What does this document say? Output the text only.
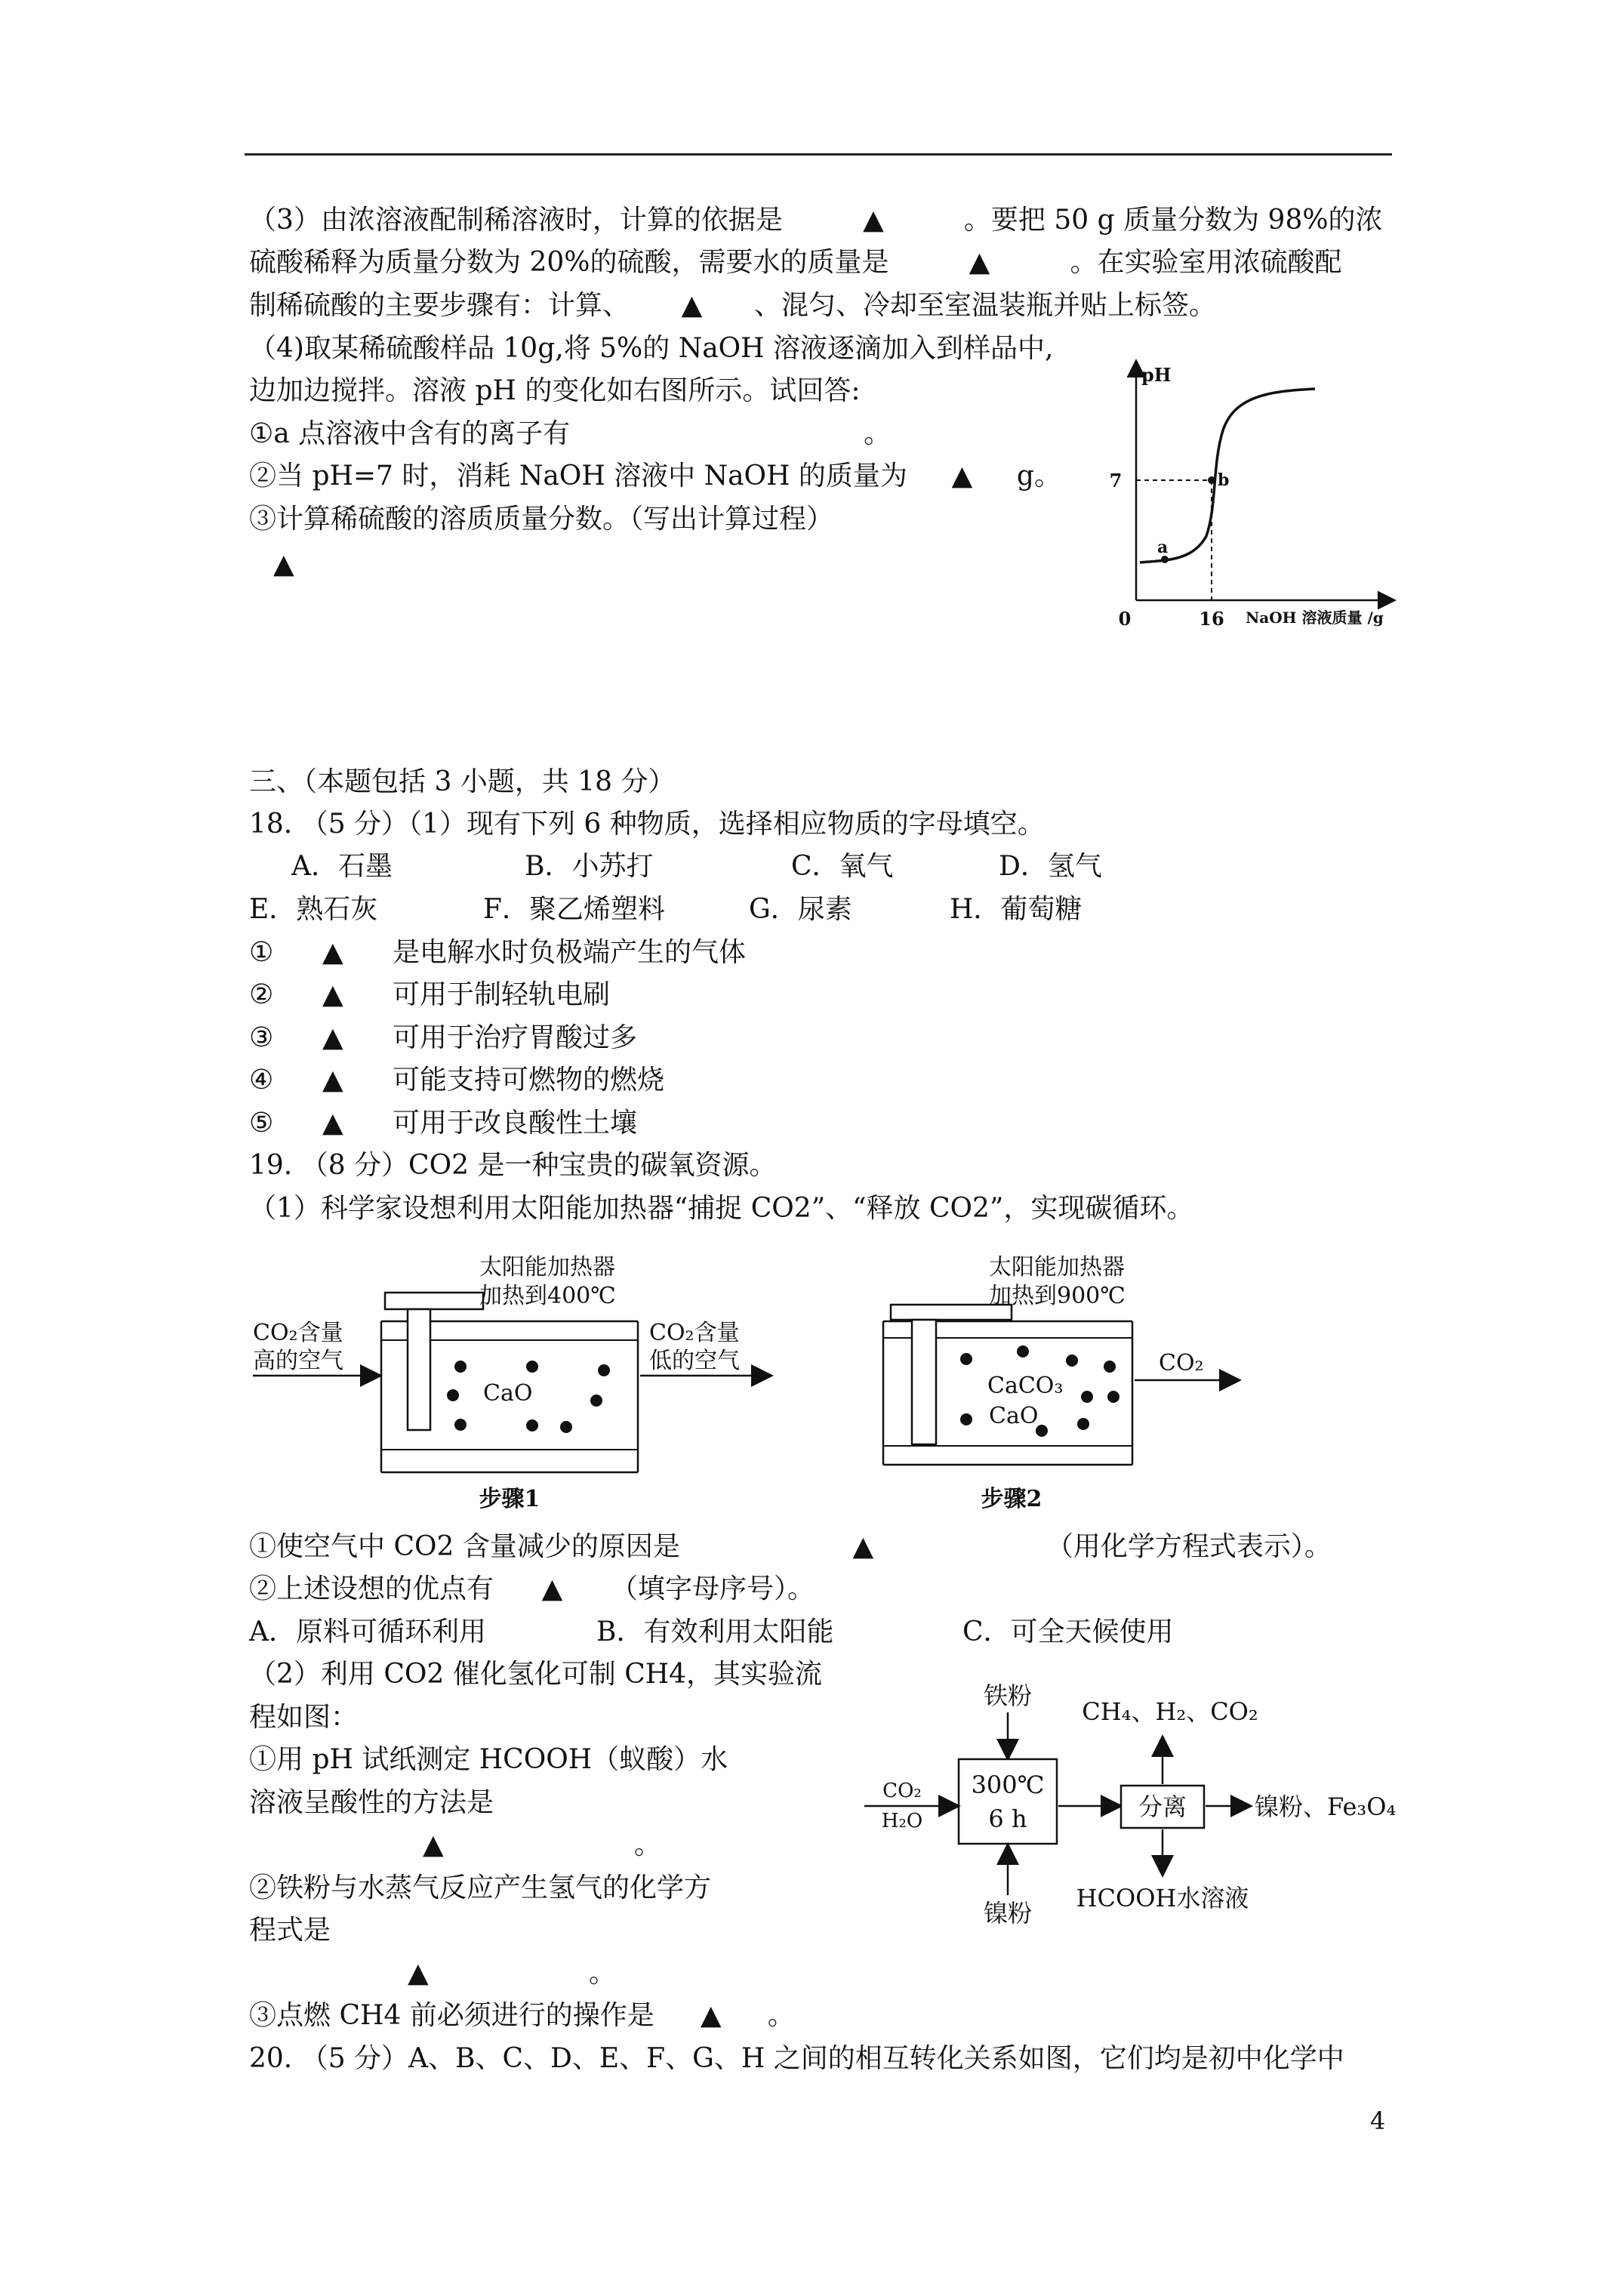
（3）由浓溶液配制稀溶液时，计算的依据是	▲	。要把 50 g 质量分数为 98%的浓
硫酸稀释为质量分数为 20%的硫酸，需要水的质量是	▲	。在实验室用浓硫酸配
制稀硫酸的主要步骤有：计算、 ▲ 、混匀、冷却至室温装瓶并贴上标签。
（4)取某稀硫酸样品 10g,将 5%的 NaOH 溶液逐滴加入到样品中,
边加边搅拌。溶液 pH 的变化如右图所示。试回答:
①a 点溶液中含有的离子有	。
②当 pH=7 时，消耗 NaOH 溶液中 NaOH 的质量为 ▲ g。
③计算稀硫酸的溶质质量分数。（写出计算过程）
▲
pH
0	16 NaOH 溶液质量 /g
7
a
b
三、（本题包括 3 小题，共 18 分）
18. （5 分）（1）现有下列 6 种物质，选择相应物质的字母填空。
A．石墨	B．小苏打	C．氧气	D．氢气
E．熟石灰	F．聚乙烯塑料	G．尿素	H．葡萄糖
① ▲ 是电解水时负极端产生的气体
② ▲ 可用于制轻轨电刷
③ ▲ 可用于治疗胃酸过多
④ ▲ 可能支持可燃物的燃烧
⑤ ▲ 可用于改良酸性土壤
19. （8 分）CO2 是一种宝贵的碳氧资源。
（1）科学家设想利用太阳能加热器“捕捉 CO2”、“释放 CO2”，实现碳循环。
CaO
太阳能加热器
加热到400℃
CO₂含量
高的空气
CO₂含量
低的空气
步骤1
CaCO₃
CaO
太阳能加热器
加热到900℃
CO₂
步骤2
①使空气中 CO2 含量减少的原因是	▲	（用化学方程式表示）。
②上述设想的优点有 ▲ （填字母序号）。
A．原料可循环利用	B．有效利用太阳能	C．可全天候使用
（2）利用 CO2 催化氢化可制 CH4，其实验流
程如图：
①用 pH 试纸测定 HCOOH（蚁酸）水
溶液呈酸性的方法是
▲	。
②铁粉与水蒸气反应产生氢气的化学方
程式是
▲	。
③点燃 CH4 前必须进行的操作是 ▲ 。
20. （5 分）A、B、C、D、E、F、G、H 之间的相互转化关系如图，它们均是初中化学中
铁粉
300℃
6 h
CO₂
H₂O
镍粉
分离
CH₄、H₂、CO₂
镍粉、Fe₃O₄
HCOOH水溶液
4
